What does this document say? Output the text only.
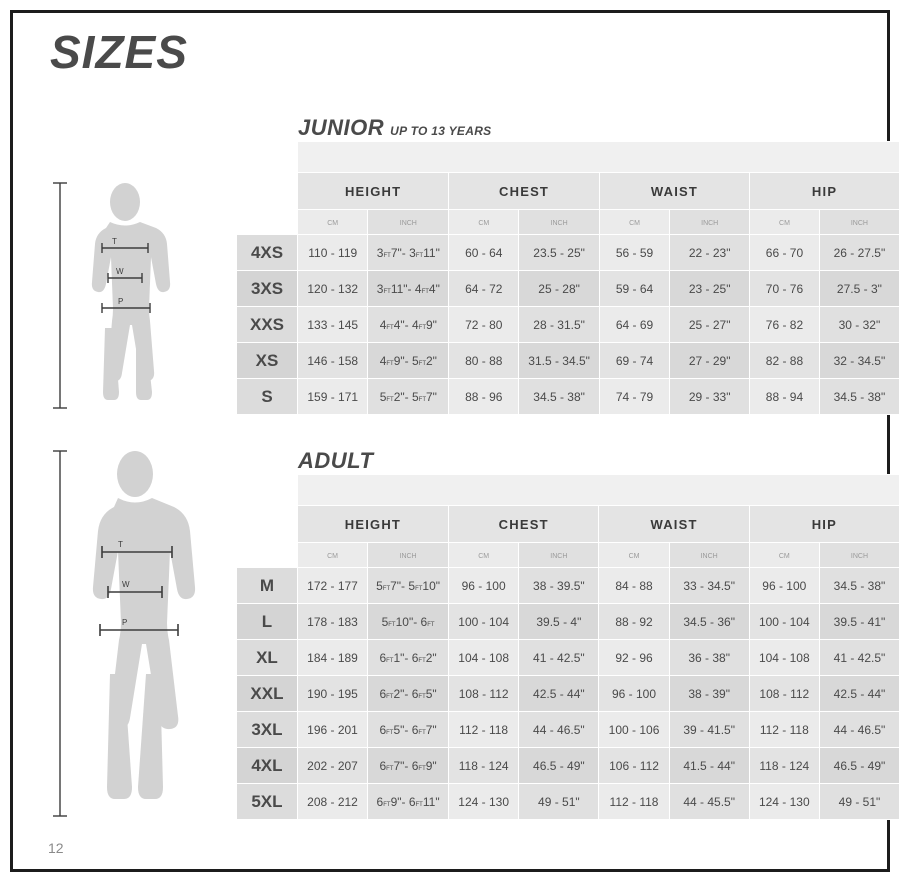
SIZES
12
T
W
P
T
W
P
JUNIOR UP TO 13 YEARS

	HEIGHT		CHEST		WAIST		HIP	
	cm	inch	cm	inch	cm	inch	cm	inch
4XS	110 - 119	3ft7"- 3ft11"	60 - 64	23.5 - 25"	56 - 59	22 - 23"	66 - 70	26 - 27.5"
3XS	120 - 132	3ft11"- 4ft4"	64 - 72	25 - 28"	59 - 64	23 - 25"	70 - 76	27.5 - 3"
XXS	133 - 145	4ft4"- 4ft9"	72 - 80	28 - 31.5"	64 - 69	25 - 27"	76 - 82	30 - 32"
XS	146 - 158	4ft9"- 5ft2"	80 - 88	31.5 - 34.5"	69 - 74	27 - 29"	82 - 88	32 - 34.5"
S	159 - 171	5ft2"- 5ft7"	88 - 96	34.5 - 38"	74 - 79	29 - 33"	88 - 94	34.5 - 38"
ADULT

	HEIGHT		CHEST		WAIST		HIP	
	cm	inch	cm	inch	cm	inch	cm	inch
M	172 - 177	5ft7"- 5ft10"	96 - 100	38 - 39.5"	84 - 88	33 - 34.5"	96 - 100	34.5 - 38"
L	178 - 183	5ft10"- 6ft	100 - 104	39.5 - 4"	88 - 92	34.5 - 36"	100 - 104	39.5 - 41"
XL	184 - 189	6ft1"- 6ft2"	104 - 108	41 - 42.5"	92 - 96	36 - 38"	104 - 108	41 - 42.5"
XXL	190 - 195	6ft2"- 6ft5"	108 - 112	42.5 - 44"	96 - 100	38 - 39"	108 - 112	42.5 - 44"
3XL	196 - 201	6ft5"- 6ft7"	112 - 118	44 - 46.5"	100 - 106	39 - 41.5"	112 - 118	44 - 46.5"
4XL	202 - 207	6ft7"- 6ft9"	118 - 124	46.5 - 49"	106 - 112	41.5 - 44"	118 - 124	46.5 - 49"
5XL	208 - 212	6ft9"- 6ft11"	124 - 130	49 - 51"	112 - 118	44 - 45.5"	124 - 130	49 - 51"
